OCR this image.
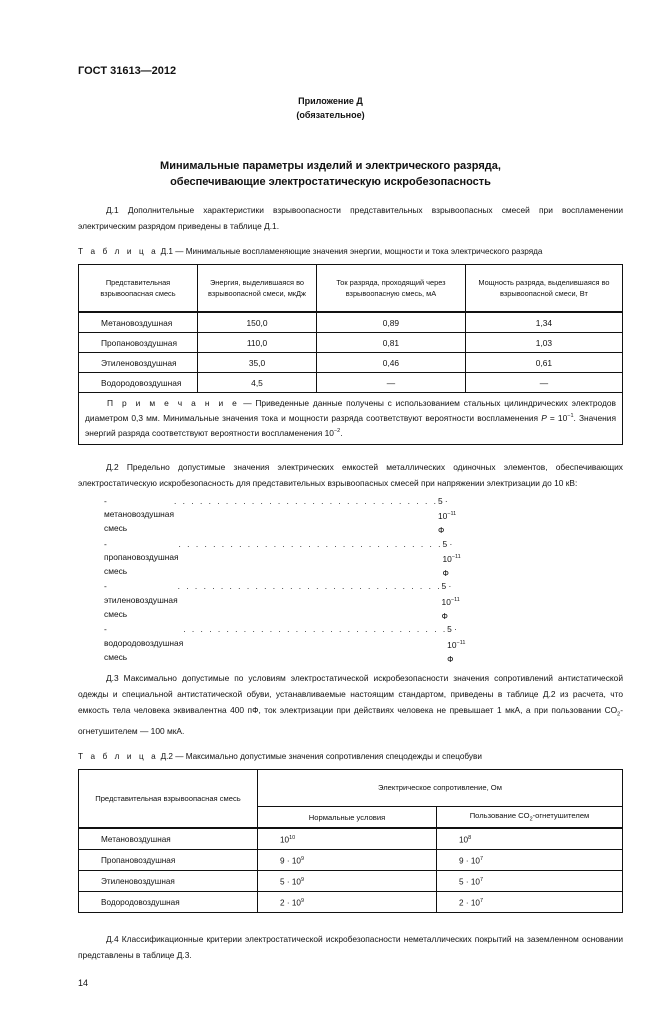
ГОСТ 31613—2012
Приложение Д
(обязательное)
Минимальные параметры изделий и электрического разряда,
обеспечивающие электростатическую искробезопасность
Д.1 Дополнительные характеристики взрывоопасности представительных взрывоопасных смесей при воспламенении электрическим разрядом приведены в таблице Д.1.
Т а б л и ц а Д.1 — Минимальные воспламеняющие значения энергии, мощности и тока электрического разряда
Представительная взрывоопасная смесь	Энергия, выделившаяся во взрывоопасной смеси, мкДж	Ток разряда, проходящий через взрывоопасную смесь, мА	Мощность разряда, выделившаяся во взрывоопасной смеси, Вт
Метановоздушная	150,0	0,89	1,34
Пропановоздушная	110,0	0,81	1,03
Этиленовоздушная	35,0	0,46	0,61
Водородовоздушная	4,5	—	—
П р и м е ч а н и е — Приведенные данные получены с использованием стальных цилиндрических электродов диаметром 0,3 мм. Минимальные значения тока и мощности разряда соответствуют вероятности воспламенения $P = 10^{-1}$. Значения энергий разряда соответствуют вероятности воспламенения $10^{-2}$.			
Д.2 Предельно допустимые значения электрических емкостей металлических одиночных элементов, обеспечивающих электростатическую искробезопасность для представительных взрывоопасных смесей при напряжении электризации до 10 кВ:
- метановоздушная смесь
. . . . . . . . . . . . . . . . . . . . . . . . . . . . . . . $5 \cdot 10^{-11}$ Ф
- пропановоздушная смесь
. . . . . . . . . . . . . . . . . . . . . . . . . . . . . . . $5 \cdot 10^{-11}$ Ф
- этиленовоздушная смесь
. . . . . . . . . . . . . . . . . . . . . . . . . . . . . . . $5 \cdot 10^{-11}$ Ф
- водородовоздушная смесь
. . . . . . . . . . . . . . . . . . . . . . . . . . . . . . . $5 \cdot 10^{-11}$ Ф
Д.3 Максимально допустимые по условиям электростатической искробезопасности значения сопротивлений антистатической одежды и специальной антистатической обуви, устанавливаемые настоящим стандартом, приведены в таблице Д.2 из расчета, что емкость тела человека эквивалентна 400 пФ, ток электризации при действиях человека не превышает 1 мкА, а при пользовании $CO_2$-огнетушителем — 100 мкА.
Т а б л и ц а Д.2 — Максимально допустимые значения сопротивления спецодежды и спецобуви
Представительная взрывоопасная смесь	Электрическое сопротивление, Ом	
	Нормальные условия	Пользование $CO_2$-огнетушителем
Метановоздушная	$10^{10}$	$10^8$
Пропановоздушная	$9 \cdot 10^9$	$9 \cdot 10^7$
Этиленовоздушная	$5 \cdot 10^9$	$5 \cdot 10^7$
Водородовоздушная	$2 \cdot 10^9$	$2 \cdot 10^7$
Д.4 Классификационные критерии электростатической искробезопасности неметаллических покрытий на заземленном основании представлены в таблице Д.3.
14
